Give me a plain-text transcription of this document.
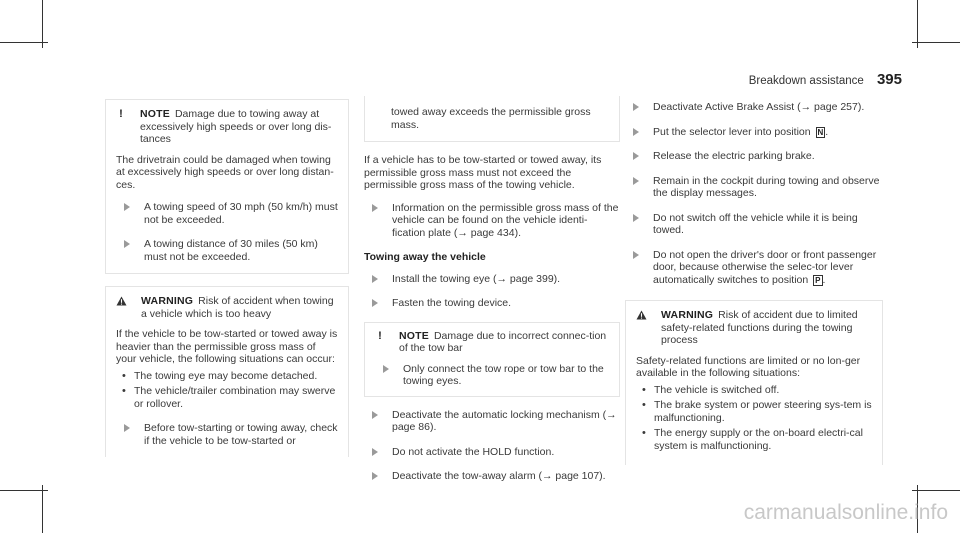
Breakdown assistance 395
!	NOTE Damage due to towing away at excessively high speeds or over long dis-tances

The drivetrain could be damaged when towing at excessively high speeds or over long distan-ces.

A towing speed of 30 mph (50 km/h) must not be exceeded.
A towing distance of 30 miles (50 km) must not be exceeded.
WARNING Risk of accident when towing a vehicle which is too heavy

If the vehicle to be tow-started or towed away is heavier than the permissible gross mass of your vehicle, the following situations can occur:

• The towing eye may become detached.
• The vehicle/trailer combination may swerve or rollover.
Before tow-starting or towing away, check if the vehicle to be tow-started or
towed away exceeds the permissible gross mass.

If a vehicle has to be tow-started or towed away, its permissible gross mass must not exceed the permissible gross mass of the towing vehicle.

Information on the permissible gross mass of the vehicle can be found on the vehicle identi-fication plate (→ page 434).
Towing away the vehicle
Install the towing eye (→ page 399).
Fasten the towing device.
!	NOTE Damage due to incorrect connec-tion of the tow bar
Only connect the tow rope or tow bar to the towing eyes.
Deactivate the automatic locking mechanism (→ page 86).
Do not activate the HOLD function.
Deactivate the tow-away alarm (→ page 107).
Deactivate Active Brake Assist (→ page 257).
Put the selector lever into position N .
Release the electric parking brake.
Remain in the cockpit during towing and observe the display messages.
Do not switch off the vehicle while it is being towed.
Do not open the driver's door or front passenger door, because otherwise the selec-tor lever automatically switches to position P .
WARNING Risk of accident due to limited safety-related functions during the towing process

Safety-related functions are limited or no lon-ger available in the following situations:

• The vehicle is switched off.
• The brake system or power steering sys-tem is malfunctioning.
• The energy supply or the on-board electri-cal system is malfunctioning.
carmanualsonline.info
